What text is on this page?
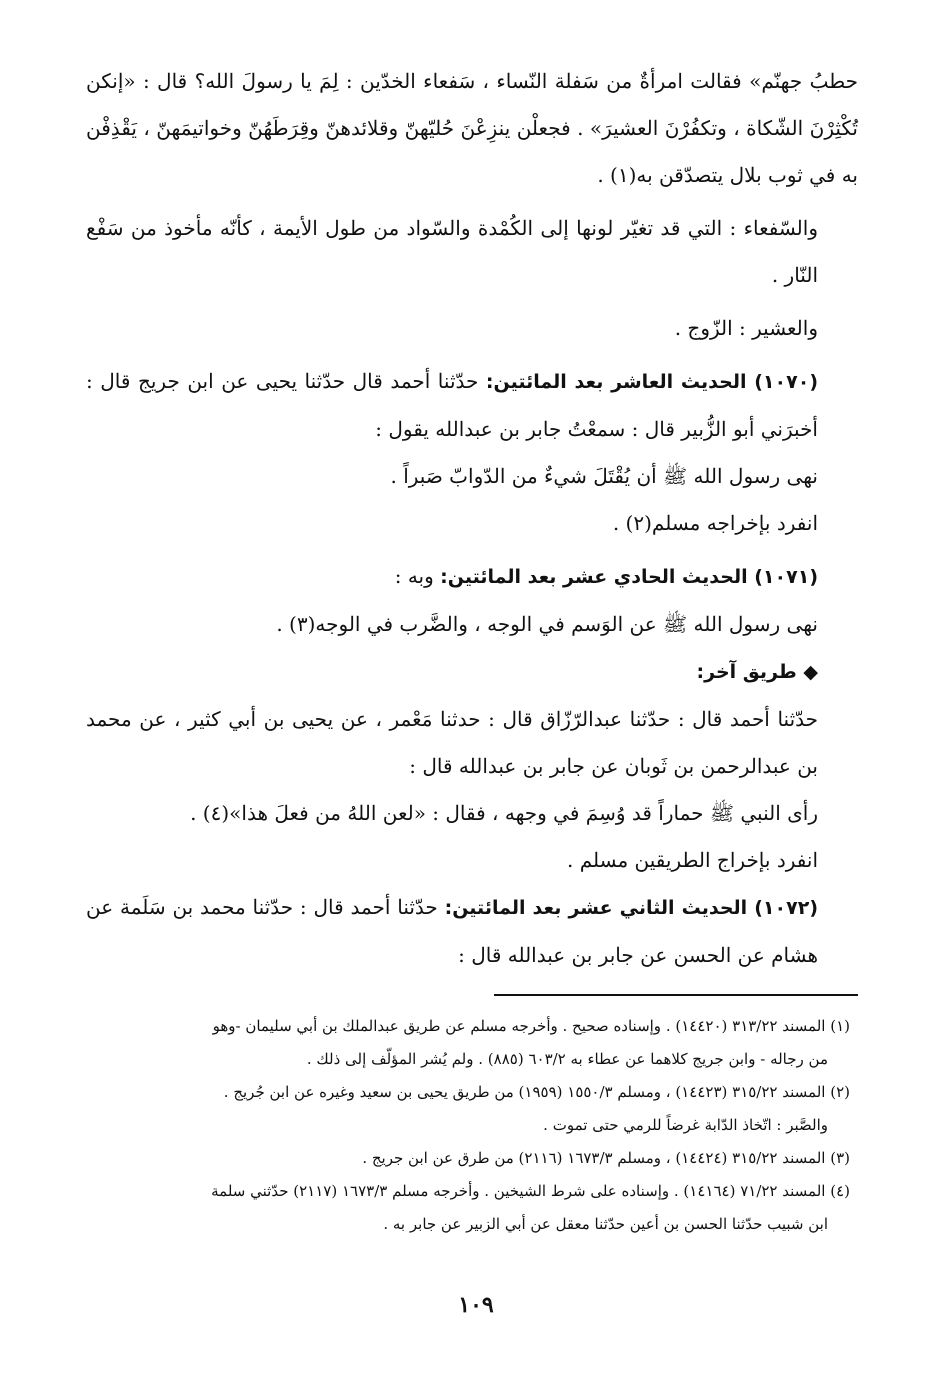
حطبُ جهنّم» فقالت امرأةٌ من سَفلة النّساء ، سَفعاء الخدّين : لِمَ يا رسولَ الله؟ قال : «إنكن تُكْثِرْنَ الشّكاة ، وتكفُرْنَ العشيرَ» . فجعلْن ينزِعْنَ حُليّهنّ وقلائدهنّ وقِرَطَهُنّ وخواتيمَهنّ ، يَقْذِفْن به في ثوب بلال يتصدّقن به(١) .

والسّفعاء : التي قد تغيّر لونها إلى الكُمْدة والسّواد من طول الأيمة ، كأنّه مأخوذ من سَفْع النّار .

والعشير : الزّوج .

(١٠٧٠) الحديث العاشر بعد المائتين: حدّثنا أحمد قال حدّثنا يحيى عن ابن جريج قال : أخبرَني أبو الزُّبير قال : سمعْتُ جابر بن عبدالله يقول :

نهى رسول الله ﷺ أن يُقْتَلَ شيءٌ من الدّوابّ صَبراً .

انفرد بإخراجه مسلم(٢) .

(١٠٧١) الحديث الحادي عشر بعد المائتين: وبه :

نهى رسول الله ﷺ عن الوَسم في الوجه ، والضَّرب في الوجه(٣) .

◆ طريق آخر:

حدّثنا أحمد قال : حدّثنا عبدالرّزّاق قال : حدثنا مَعْمر ، عن يحيى بن أبي كثير ، عن محمد بن عبدالرحمن بن ثَوبان عن جابر بن عبدالله قال :

رأى النبي ﷺ حماراً قد وُسِمَ في وجهه ، فقال : «لعن اللهُ من فعلَ هذا»(٤) .

انفرد بإخراج الطريقين مسلم .

(١٠٧٢) الحديث الثاني عشر بعد المائتين: حدّثنا أحمد قال : حدّثنا محمد بن سَلَمة عن هشام عن الحسن عن جابر بن عبدالله قال :

(١) المسند ٣١٣/٢٢ (١٤٤٢٠) . وإسناده صحيح . وأخرجه مسلم عن طريق عبدالملك بن أبي سليمان -وهو
من رجاله - وابن جريج كلاهما عن عطاء به ٦٠٣/٢ (٨٨٥) . ولم يُشر المؤلّف إلى ذلك .

(٢) المسند ٣١٥/٢٢ (١٤٤٢٣) ، ومسلم ١٥٥٠/٣ (١٩٥٩) من طريق يحيى بن سعيد وغيره عن ابن جُريج .
والصَّبر : اتّخاذ الدّابة غرضاً للرمي حتى تموت .

(٣) المسند ٣١٥/٢٢ (١٤٤٢٤) ، ومسلم ١٦٧٣/٣ (٢١١٦) من طرق عن ابن جريج .

(٤) المسند ٧١/٢٢ (١٤١٦٤) . وإسناده على شرط الشيخين . وأخرجه مسلم ١٦٧٣/٣ (٢١١٧) حدّثني سلمة
ابن شبيب حدّثنا الحسن بن أعين حدّثنا معقل عن أبي الزبير عن جابر به .

١٠٩
